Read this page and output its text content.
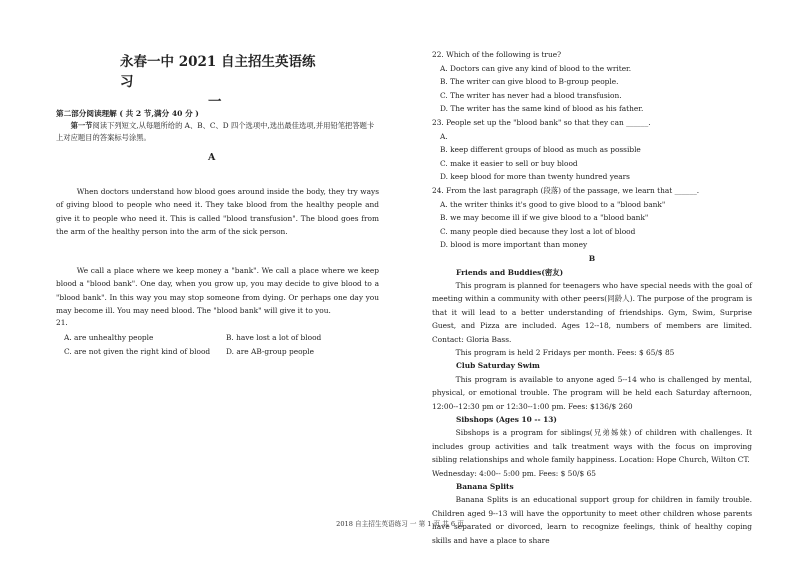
永春一中 2021 自主招生英语练习
一
第二部分阅读理解 ( 共 2 节,满分 40 分 )
第一节阅读下列短文,从每题所给的 A、B、C、D 四个选项中,选出最佳选项,并用铅笔把答题卡上对应题目的答案标号涂黑。
A

When doctors understand how blood goes around inside the body, they try ways of giving blood to people who need it. They take blood from the healthy people and give it to people who need it. This is called "blood transfusion". The blood goes from the arm of the healthy person into the arm of the sick person.

We call a place where we keep money a "bank". We call a place where we keep blood a "blood bank". One day, when you grow up, you may decide to give blood to a "blood bank". In this way you may stop someone from dying. Or perhaps one day you may become ill. You may need blood. The "blood bank" will give it to you.

21.
A. are unhealthy people	B. have lost a lot of blood
C. are not given the right kind of blood	D. are AB-group people
22. Which of the following is true?
A. Doctors can give any kind of blood to the writer.
B. The writer can give blood to B-group people.
C. The writer has never had a blood transfusion.
D. The writer has the same kind of blood as his father.
23. People set up the "blood bank" so that they can ______.
A.
B. keep different groups of blood as much as possible
C. make it easier to sell or buy blood
D. keep blood for more than twenty hundred years
24. From the last paragraph (段落) of the passage, we learn that ______.
A. the writer thinks it's good to give blood to a "blood bank"
B. we may become ill if we give blood to a "blood bank"
C. many people died because they lost a lot of blood
D. blood is more important than money
B
Friends and Buddies(密友)
This program is planned for teenagers who have special needs with the goal of meeting within a community with other peers(同龄人). The purpose of the program is that it will lead to a better understanding of friendships. Gym, Swim, Surprise Guest, and Pizza are included. Ages 12--18, numbers of members are limited. Contact: Gloria Bass.
This program is held 2 Fridays per month. Fees: $ 65/$ 85
Club Saturday Swim
This program is available to anyone aged 5--14 who is challenged by mental, physical, or emotional trouble. The program will be held each Saturday afternoon, 12:00--12:30 pm or 12:30--1:00 pm. Fees: $136/$ 260
Sibshops (Ages 10 -- 13)
Sibshops is a program for siblings(兄弟姊妹) of children with challenges. It includes group activities and talk treatment ways with the focus on improving sibling relationships and whole family happiness. Location: Hope Church, Wilton CT.
Wednesday: 4:00-- 5:00 pm. Fees: $ 50/$ 65
Banana Splits
Banana Splits is an educational support group for children in family trouble. Children aged 9--13 will have the opportunity to meet other children whose parents have separated or divorced, learn to recognize feelings, think of healthy coping skills and have a place to share
2018 自主招生英语练习 一 第 1 页 共 6 页
